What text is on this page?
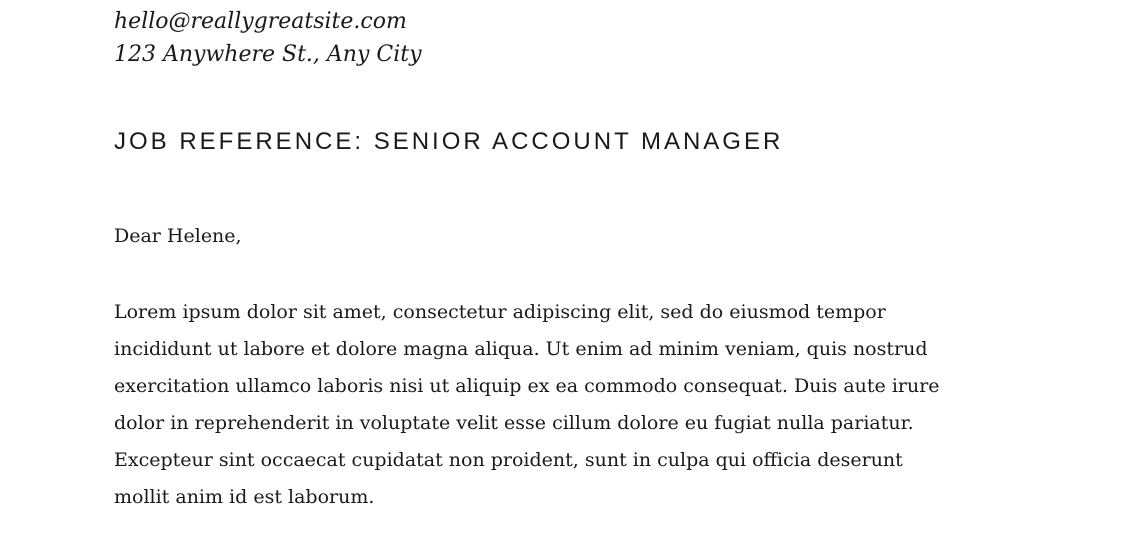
hello@reallygreatsite.com
123 Anywhere St., Any City
JOB REFERENCE: SENIOR ACCOUNT MANAGER
Dear Helene,
Lorem ipsum dolor sit amet, consectetur adipiscing elit, sed do eiusmod tempor
incididunt ut labore et dolore magna aliqua. Ut enim ad minim veniam, quis nostrud
exercitation ullamco laboris nisi ut aliquip ex ea commodo consequat. Duis aute irure
dolor in reprehenderit in voluptate velit esse cillum dolore eu fugiat nulla pariatur.
Excepteur sint occaecat cupidatat non proident, sunt in culpa qui officia deserunt
mollit anim id est laborum.
